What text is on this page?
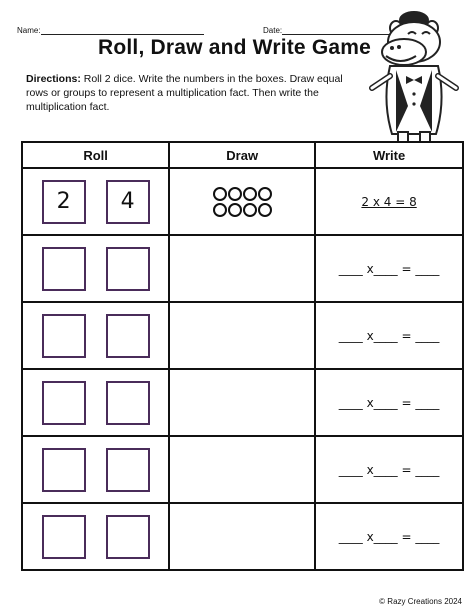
Name:	Date:
Roll, Draw and Write Game
Directions: Roll 2 dice. Write the numbers in the boxes. Draw equal rows or groups to represent a multiplication fact. Then write the multiplication fact.
Roll	Draw	Write

2 4		2 x 4 = 8

		____ x____ = ____

		____ x____ = ____

		____ x____ = ____

		____ x____ = ____

		____ x____ = ____
© Razy Creations 2024
